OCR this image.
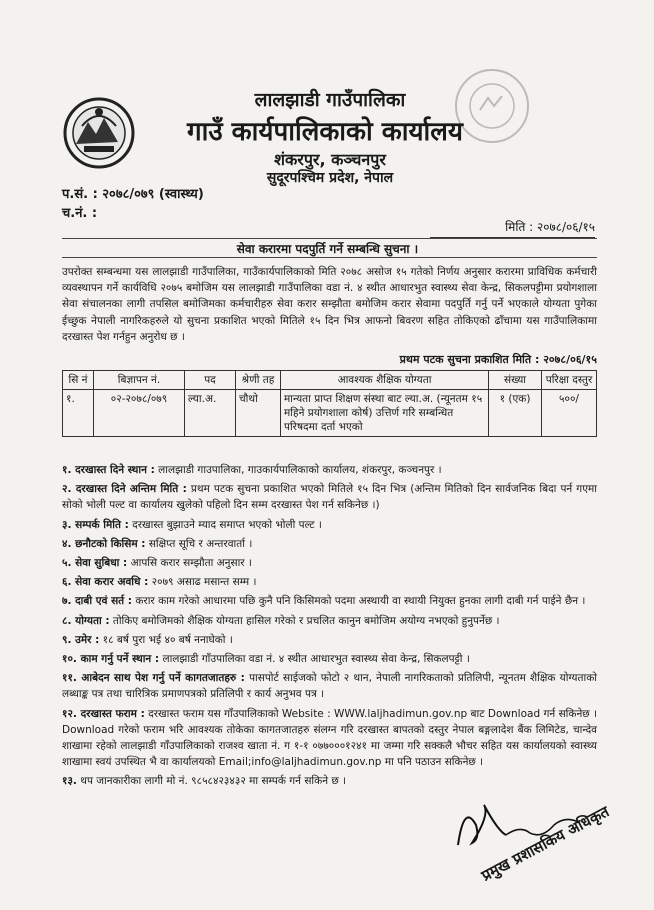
लालझाडी गाउँपालिका
गाउँ कार्यपालिकाको कार्यालय
शंकरपुर, कञ्चनपुर
सुदूरपश्चिम प्रदेश, नेपाल
प.सं. : २०७८/०७९ (स्वास्थ्य)
च.नं. :
मिति : २०७८/०६/१५
सेवा करारमा पदपुर्ति गर्ने सम्बन्धि सुचना ।
उपरोक्त सम्बन्धमा यस लालझाडी गाउँपालिका, गाउँकार्यपालिकाको मिति २०७८ असोज १५ गतेको निर्णय अनुसार करारमा प्राविधिक कर्मचारी व्यवस्थापन गर्ने कार्यविधि २०७५ बमोजिम यस लालझाडी गाउँपालिका वडा नं. ४ स्थीत आधारभुत स्वास्थ्य सेवा केन्द्र, सिकलपट्टीमा प्रयोगशाला सेवा संचालनका लागी तपसिल बमोजिमका कर्मचारीहरु सेवा करार सम्झौता बमोजिम करार सेवामा पदपुर्ति गर्नु पर्ने भएकाले योग्यता पुगेका ईच्छुक नेपाली नागरिकहरुले यो सुचना प्रकाशित भएको मितिले १५ दिन भित्र आफनो बिवरण सहित तोकिएको ढाँचामा यस गाउँपालिकामा दरखास्त पेश गर्नहुन अनुरोध छ ।
प्रथम पटक सुचना प्रकाशित मिति : २०७८/०६/१५
सि नं	बिज्ञापन नं.	पद	श्रेणी तह	आवश्यक शैक्षिक योग्यता	संख्या	परिक्षा दस्तुर
१.	०२-२०७८/०७९	ल्या.अ.	चौथो	मान्यता प्राप्त शिक्षण संस्था बाट ल्या.अ. (न्यूनतम १५ महिने प्रयोगशाला कोर्ष) उत्तिर्ण गरि सम्बन्धित परिषदमा दर्ता भएको	१ (एक)	५००/
१. दरखास्त दिने स्थान : लालझाडी गाउपालिका, गाउकार्यपालिकाको कार्यालय, शंकरपुर, कञ्चनपुर ।
२. दरखास्त दिने अन्तिम मिति : प्रथम पटक सुचना प्रकाशित भएको मितिले १५ दिन भित्र (अन्तिम मितिको दिन सार्वजनिक बिदा पर्न गएमा सोको भोली पल्ट वा कार्यालय खुलेको पहिलो दिन सम्म दरखास्त पेश गर्न सकिनेछ ।)
३. सम्पर्क मिति : दरखास्त बुझाउने म्याद समाप्त भएको भोली पल्ट ।
४. छनौटको किसिम : सक्षिप्त सूचि र अन्तरवार्ता ।
५. सेवा सुबिधा : आपसि करार सम्झौता अनुसार ।
६. सेवा करार अवधि : २०७९ असाढ मसान्त सम्म ।
७. दाबी एवं सर्त : करार काम गरेको आधारमा पछि कुनै पनि किसिमको पदमा अस्थायी वा स्थायी नियुक्त हुनका लागी दाबी गर्न पाईने छैन ।
८. योग्यता : तोकिए बमोजिमको शैक्षिक योग्यता हासिल गरेको र प्रचलित कानुन बमोजिम अयोग्य नभएको हुनुपर्नेछ ।
९. उमेर : १८ बर्ष पुरा भई ४० बर्ष ननाघेको ।
१०. काम गर्नु पर्ने स्थान : लालझाडी गाँउपालिका वडा नं. ४ स्थीत आधारभुत स्वास्थ्य सेवा केन्द्र, सिकलपट्टी ।
११. आबेदन साथ पेश गर्नु पर्ने कागतजातहरु : पासपोर्ट साईजको फोटो २ थान, नेपाली नागरिकताको प्रतिलिपी, न्यूनतम शैक्षिक योग्यताको लब्धाङ्क पत्र तथा चारित्रिक प्रमाणपत्रको प्रतिलिपी र कार्य अनुभव पत्र ।
१२. दरखास्त फराम : दरखास्त फराम यस गाँउपालिकाको Website : WWW.laljhadimun.gov.np बाट Download गर्न सकिनेछ । Download गरेको फराम भरि आवश्यक तोकेका कागतजातहरु संलग्न गरि दरखास्त बापतको दस्तुर नेपाल बङ्गलादेश बैंक लिमिटेड, चान्देव शाखामा रहेको लालझाडी गाँउपालिकाको राजश्व खाता नं. ग १-१ ०७७०००१२४१ मा जम्मा गरि सक्कलै भौचर सहित यस कार्यालयको स्वास्थ्य शाखामा स्वयं उपस्थित भै वा कार्यालयको Email;info@laljhadimun.gov.np मा पनि पठाउन सकिनेछ ।
१३. थप जानकारीका लागी मो नं. ९८५८४२३४३२ मा सम्पर्क गर्न सकिने छ ।
प्रमुख प्रशासकिय अधिकृत
